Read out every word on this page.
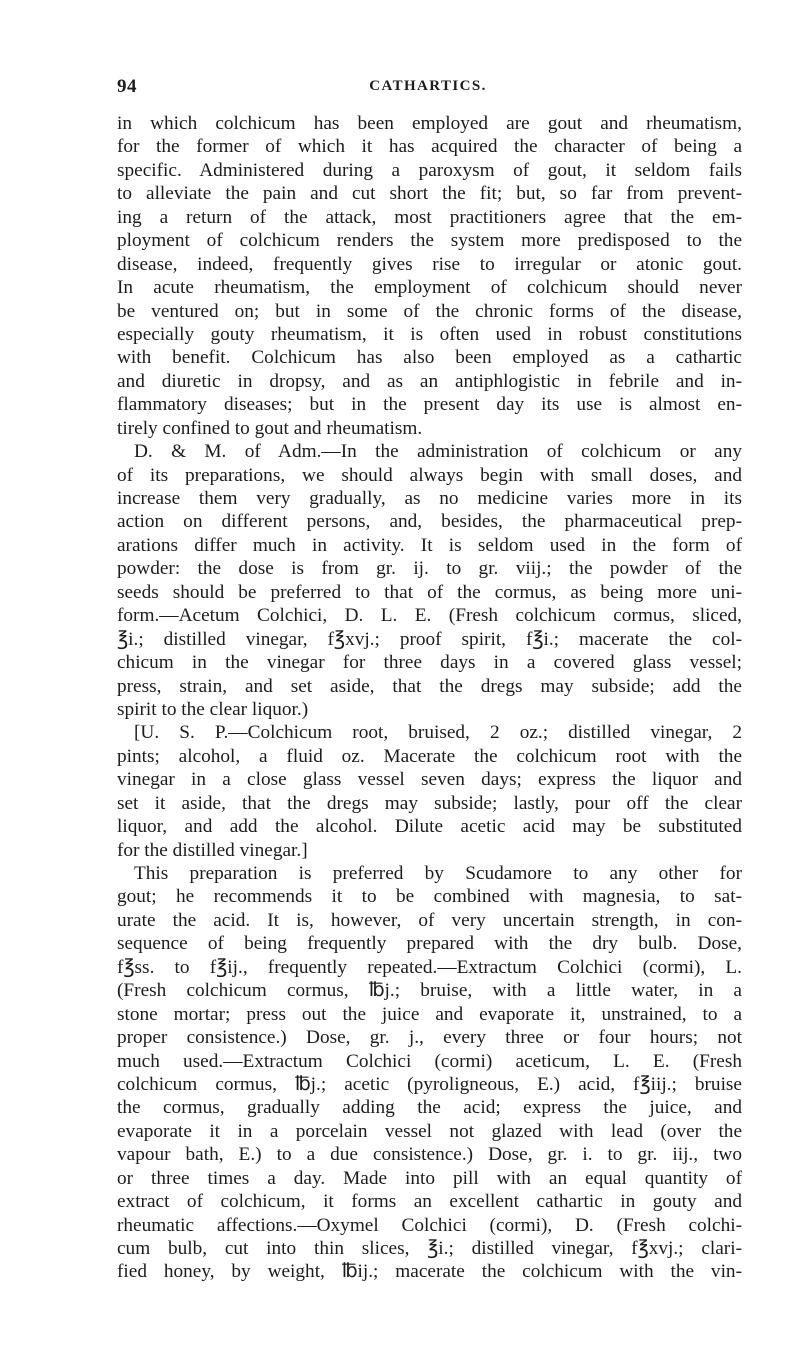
94	CATHARTICS.
in which colchicum has been employed are gout and rheumatism,
for the former of which it has acquired the character of being a
specific. Administered during a paroxysm of gout, it seldom fails
to alleviate the pain and cut short the fit; but, so far from prevent-
ing a return of the attack, most practitioners agree that the em-
ployment of colchicum renders the system more predisposed to the
disease, indeed, frequently gives rise to irregular or atonic gout.
In acute rheumatism, the employment of colchicum should never
be ventured on; but in some of the chronic forms of the disease,
especially gouty rheumatism, it is often used in robust constitutions
with benefit. Colchicum has also been employed as a cathartic
and diuretic in dropsy, and as an antiphlogistic in febrile and in-
flammatory diseases; but in the present day its use is almost en-
tirely confined to gout and rheumatism.
D. & M. of Adm.—In the administration of colchicum or any
of its preparations, we should always begin with small doses, and
increase them very gradually, as no medicine varies more in its
action on different persons, and, besides, the pharmaceutical prep-
arations differ much in activity. It is seldom used in the form of
powder: the dose is from gr. ij. to gr. viij.; the powder of the
seeds should be preferred to that of the cormus, as being more uni-
form.—Acetum Colchici, D. L. E. (Fresh colchicum cormus, sliced,
℥i.; distilled vinegar, f℥xvj.; proof spirit, f℥i.; macerate the col-
chicum in the vinegar for three days in a covered glass vessel;
press, strain, and set aside, that the dregs may subside; add the
spirit to the clear liquor.)
[U. S. P.—Colchicum root, bruised, 2 oz.; distilled vinegar, 2
pints; alcohol, a fluid oz. Macerate the colchicum root with the
vinegar in a close glass vessel seven days; express the liquor and
set it aside, that the dregs may subside; lastly, pour off the clear
liquor, and add the alcohol. Dilute acetic acid may be substituted
for the distilled vinegar.]
This preparation is preferred by Scudamore to any other for
gout; he recommends it to be combined with magnesia, to sat-
urate the acid. It is, however, of very uncertain strength, in con-
sequence of being frequently prepared with the dry bulb. Dose,
f℥ss. to f℥ij., frequently repeated.—Extractum Colchici (cormi), L.
(Fresh colchicum cormus, ℔j.; bruise, with a little water, in a
stone mortar; press out the juice and evaporate it, unstrained, to a
proper consistence.) Dose, gr. j., every three or four hours; not
much used.—Extractum Colchici (cormi) aceticum, L. E. (Fresh
colchicum cormus, ℔j.; acetic (pyroligneous, E.) acid, f℥iij.; bruise
the cormus, gradually adding the acid; express the juice, and
evaporate it in a porcelain vessel not glazed with lead (over the
vapour bath, E.) to a due consistence.) Dose, gr. i. to gr. iij., two
or three times a day. Made into pill with an equal quantity of
extract of colchicum, it forms an excellent cathartic in gouty and
rheumatic affections.—Oxymel Colchici (cormi), D. (Fresh colchi-
cum bulb, cut into thin slices, ℥i.; distilled vinegar, f℥xvj.; clari-
fied honey, by weight, ℔ij.; macerate the colchicum with the vin-
